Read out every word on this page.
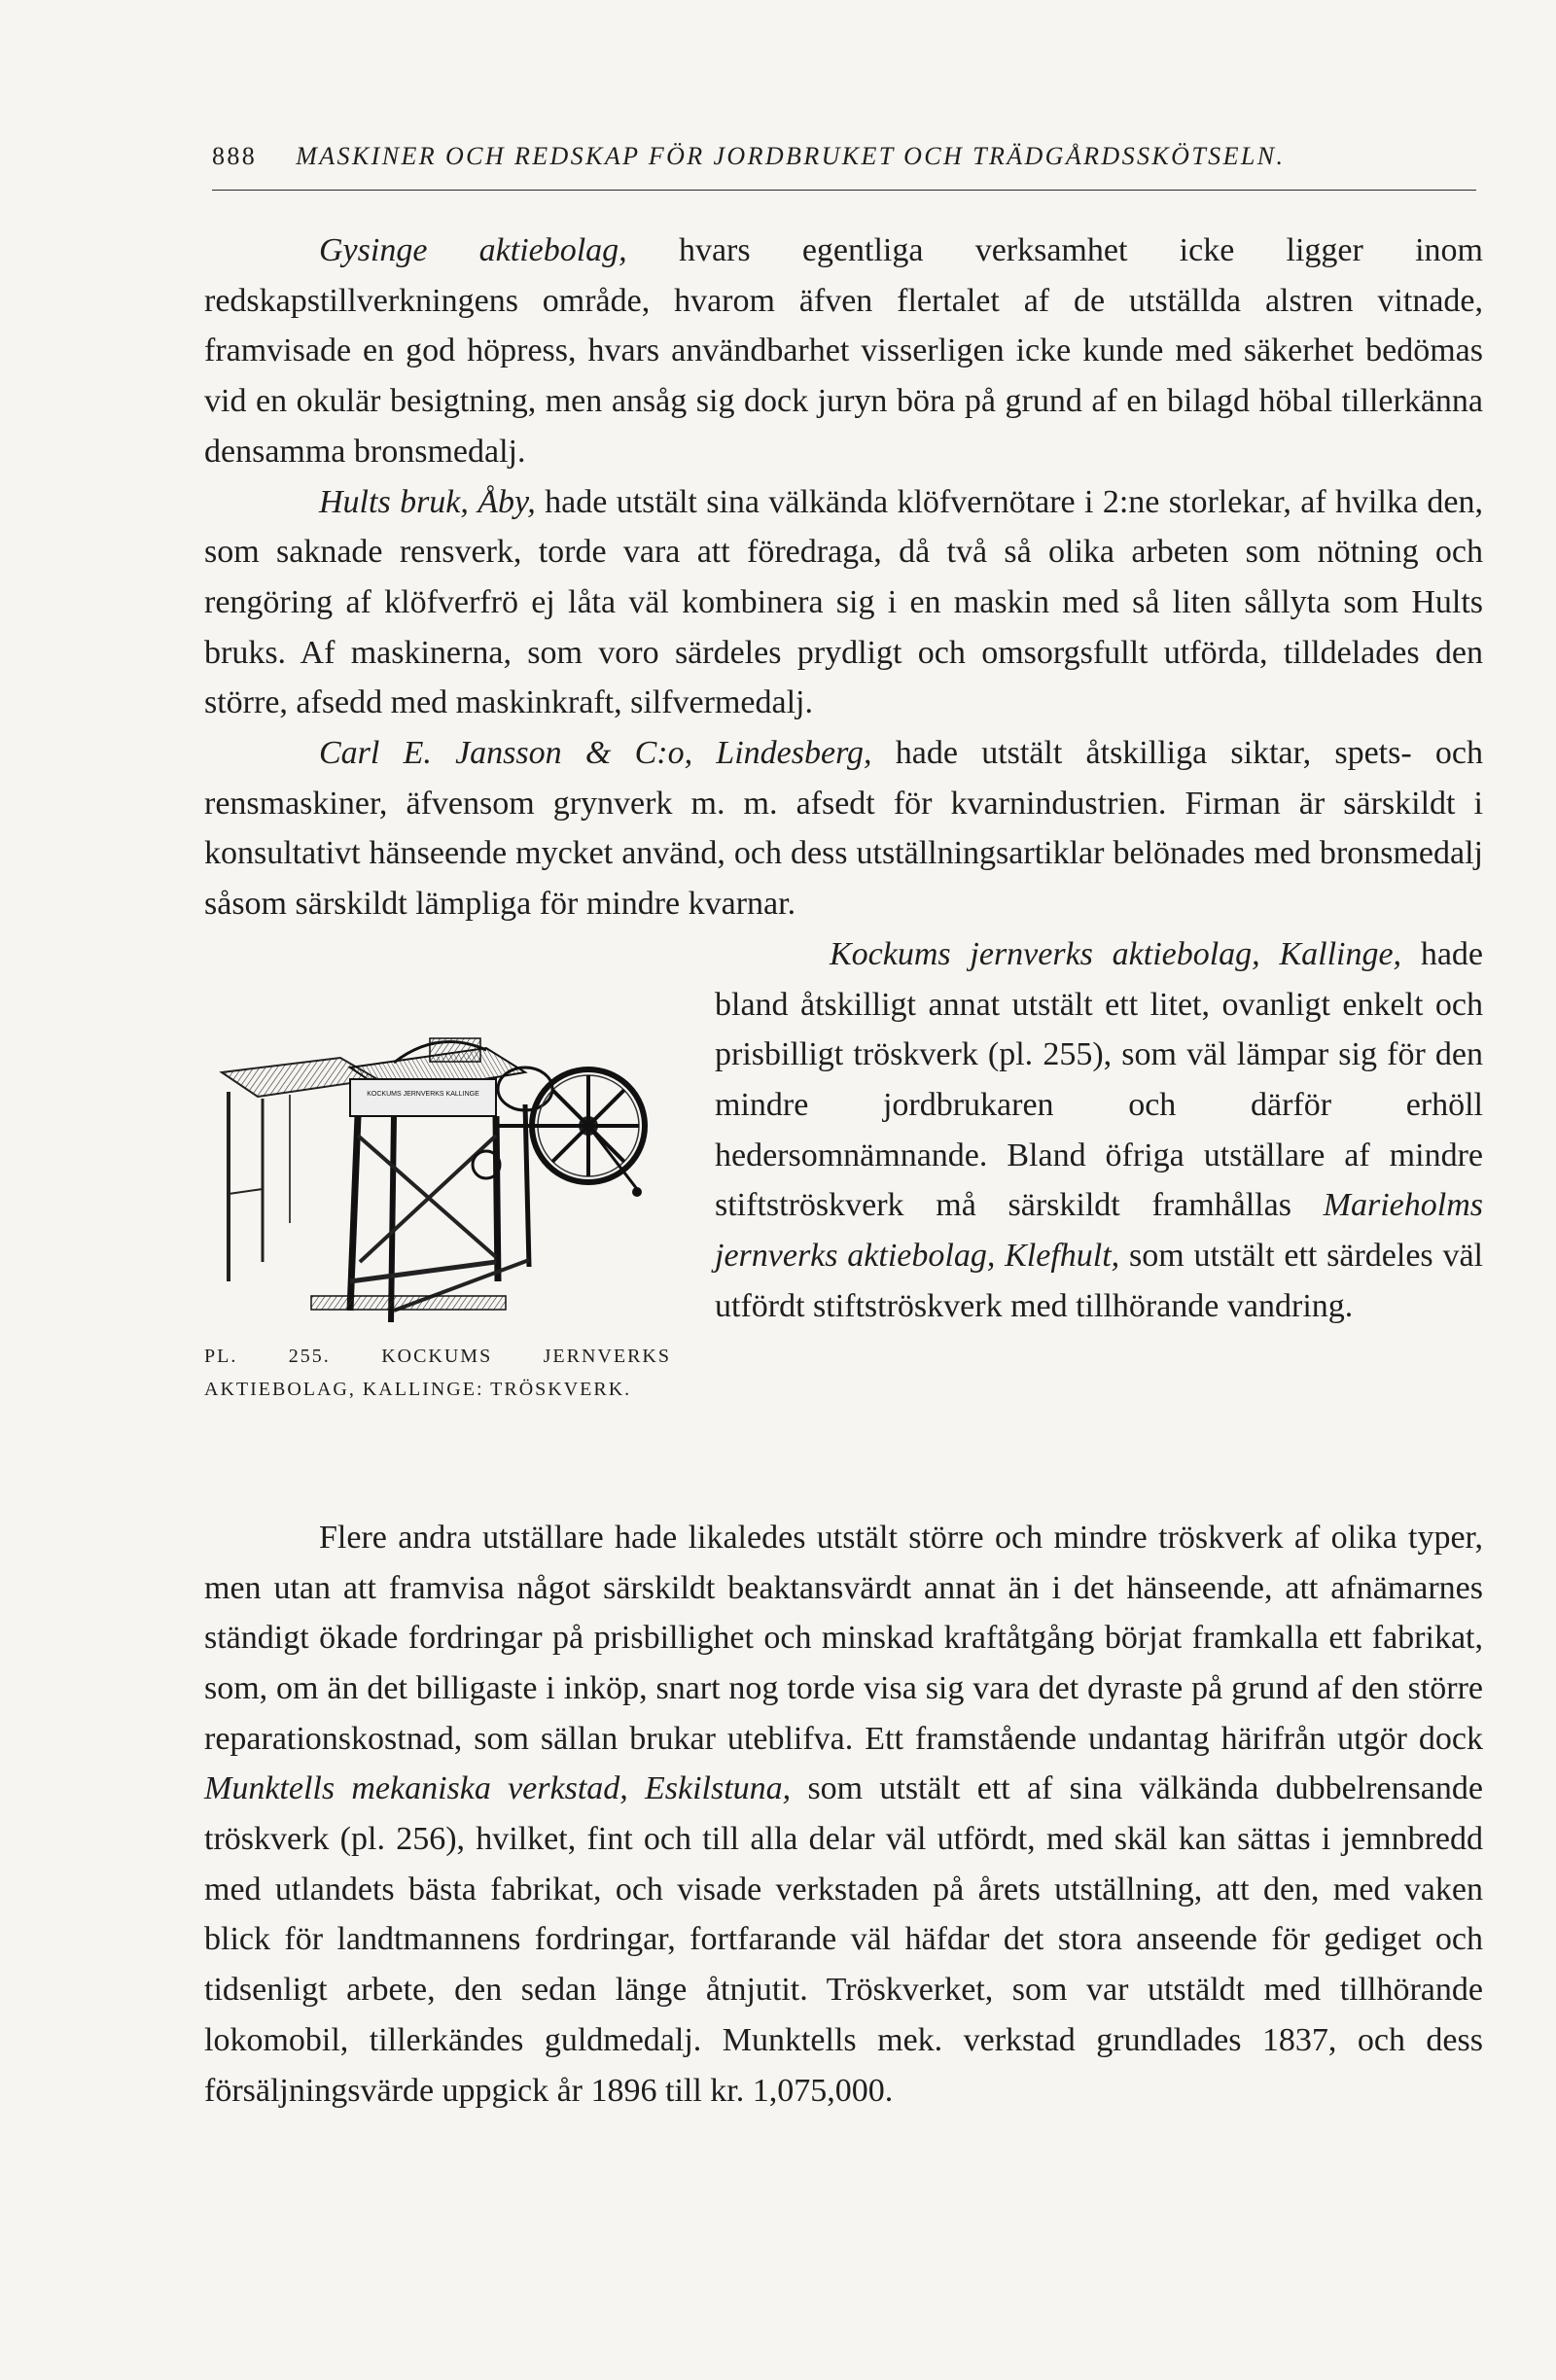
888 MASKINER OCH REDSKAP FÖR JORDBRUKET OCH TRÄDGÅRDSSKÖTSELN.
KOCKUMS JERNVERKS KALLINGE
PL. 255. KOCKUMS JERNVERKS AKTIEBOLAG, KALLINGE: TRÖSKVERK.

Gysinge aktiebolag, hvars egentliga verksamhet icke ligger inom redskapstillverkningens område, hvarom äfven flertalet af de utställda alstren vitnade, framvisade en god höpress, hvars användbarhet visserligen icke kunde med säkerhet bedömas vid en okulär besigtning, men ansåg sig dock juryn böra på grund af en bilagd höbal tillerkänna densamma bronsmedalj.

Hults bruk, Åby, hade utstält sina välkända klöfvernötare i 2:ne storlekar, af hvilka den, som saknade rensverk, torde vara att föredraga, då två så olika arbeten som nötning och rengöring af klöfverfrö ej låta väl kombinera sig i en maskin med så liten sållyta som Hults bruks. Af maskinerna, som voro särdeles prydligt och omsorgsfullt utförda, tilldelades den större, afsedd med maskinkraft, silfvermedalj.

Carl E. Jansson & C:o, Lindesberg, hade utstält åtskilliga siktar, spets- och rensmaskiner, äfvensom grynverk m. m. afsedt för kvarnindustrien. Firman är särskildt i konsultativt hänseende mycket använd, och dess utställningsartiklar belönades med bronsmedalj såsom särskildt lämpliga för mindre kvarnar.

Kockums jernverks aktiebolag, Kallinge, hade bland åtskilligt annat utstält ett litet, ovanligt enkelt och prisbilligt tröskverk (pl. 255), som väl lämpar sig för den mindre jordbrukaren och därför erhöll hedersomnämnande. Bland öfriga utställare af mindre stiftströskverk må särskildt framhållas Marieholms jernverks aktiebolag, Klefhult, som utstält ett särdeles väl utfördt stiftströskverk med tillhörande vandring.

Flere andra utställare hade likaledes utstält större och mindre tröskverk af olika typer, men utan att framvisa något särskildt beaktansvärdt annat än i det hänseende, att afnämarnes ständigt ökade fordringar på prisbillighet och minskad kraftåtgång börjat framkalla ett fabrikat, som, om än det billigaste i inköp, snart nog torde visa sig vara det dyraste på grund af den större reparationskostnad, som sällan brukar uteblifva. Ett framstående undantag härifrån utgör dock Munktells mekaniska verkstad, Eskilstuna, som utstält ett af sina välkända dubbelrensande tröskverk (pl. 256), hvilket, fint och till alla delar väl utfördt, med skäl kan sättas i jemnbredd med utlandets bästa fabrikat, och visade verkstaden på årets utställning, att den, med vaken blick för landtmannens fordringar, fortfarande väl häfdar det stora anseende för gediget och tidsenligt arbete, den sedan länge åtnjutit. Tröskverket, som var utstäldt med tillhörande lokomobil, tillerkändes guldmedalj. Munktells mek. verkstad grundlades 1837, och dess försäljningsvärde uppgick år 1896 till kr. 1,075,000.
